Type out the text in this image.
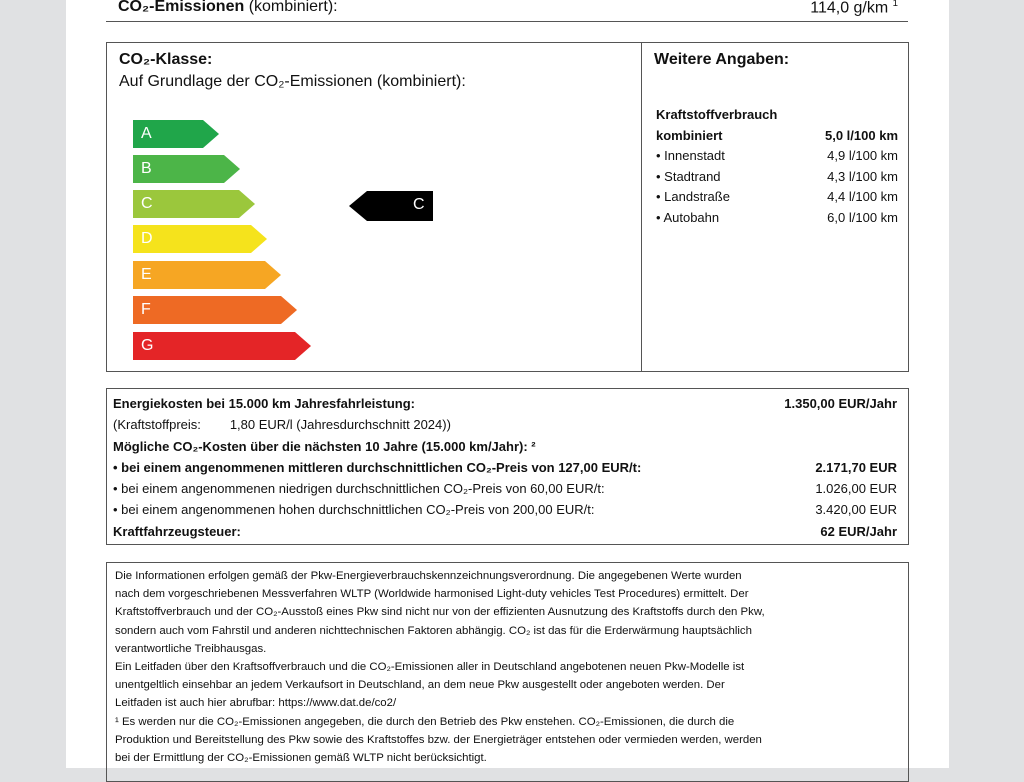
CO₂-Emissionen (kombiniert):	114,0 g/km $^1$
CO₂-Klasse:
Auf Grundlage der CO₂-Emissionen (kombiniert):
A
B
C
D
E
F
G
C
Weitere Angaben:
Kraftstoffverbrauch
kombiniert	5,0 l/100 km
• Innenstadt	4,9 l/100 km
• Stadtrand	4,3 l/100 km
• Landstraße	4,4 l/100 km
• Autobahn	6,0 l/100 km
Energiekosten bei 15.000 km Jahresfahrleistung:	1.350,00 EUR/Jahr
(Kraftstoffpreis: 1,80 EUR/l (Jahresdurchschnitt 2024))
Mögliche CO₂-Kosten über die nächsten 10 Jahre (15.000 km/Jahr): ²
• bei einem angenommenen mittleren durchschnittlichen CO₂-Preis von 127,00 EUR/t:	2.171,70 EUR
• bei einem angenommenen niedrigen durchschnittlichen CO₂-Preis von 60,00 EUR/t:	1.026,00 EUR
• bei einem angenommenen hohen durchschnittlichen CO₂-Preis von 200,00 EUR/t:	3.420,00 EUR
Kraftfahrzeugsteuer:	62 EUR/Jahr

Die Informationen erfolgen gemäß der Pkw-Energieverbrauchskennzeichnungsverordnung. Die angegebenen Werte wurden

nach dem vorgeschriebenen Messverfahren WLTP (Worldwide harmonised Light-duty vehicles Test Procedures) ermittelt. Der

Kraftstoffverbrauch und der CO₂-Ausstoß eines Pkw sind nicht nur von der effizienten Ausnutzung des Kraftstoffs durch den Pkw,

sondern auch vom Fahrstil und anderen nichttechnischen Faktoren abhängig. CO₂ ist das für die Erderwärmung hauptsächlich

verantwortliche Treibhausgas.

Ein Leitfaden über den Kraftsoffverbrauch und die CO₂-Emissionen aller in Deutschland angebotenen neuen Pkw-Modelle ist

unentgeltlich einsehbar an jedem Verkaufsort in Deutschland, an dem neue Pkw ausgestellt oder angeboten werden. Der

Leitfaden ist auch hier abrufbar: https://www.dat.de/co2/

¹ Es werden nur die CO₂-Emissionen angegeben, die durch den Betrieb des Pkw enstehen. CO₂-Emissionen, die durch die

Produktion und Bereitstellung des Pkw sowie des Kraftstoffes bzw. der Energieträger entstehen oder vermieden werden, werden

bei der Ermittlung der CO₂-Emissionen gemäß WLTP nicht berücksichtigt.
